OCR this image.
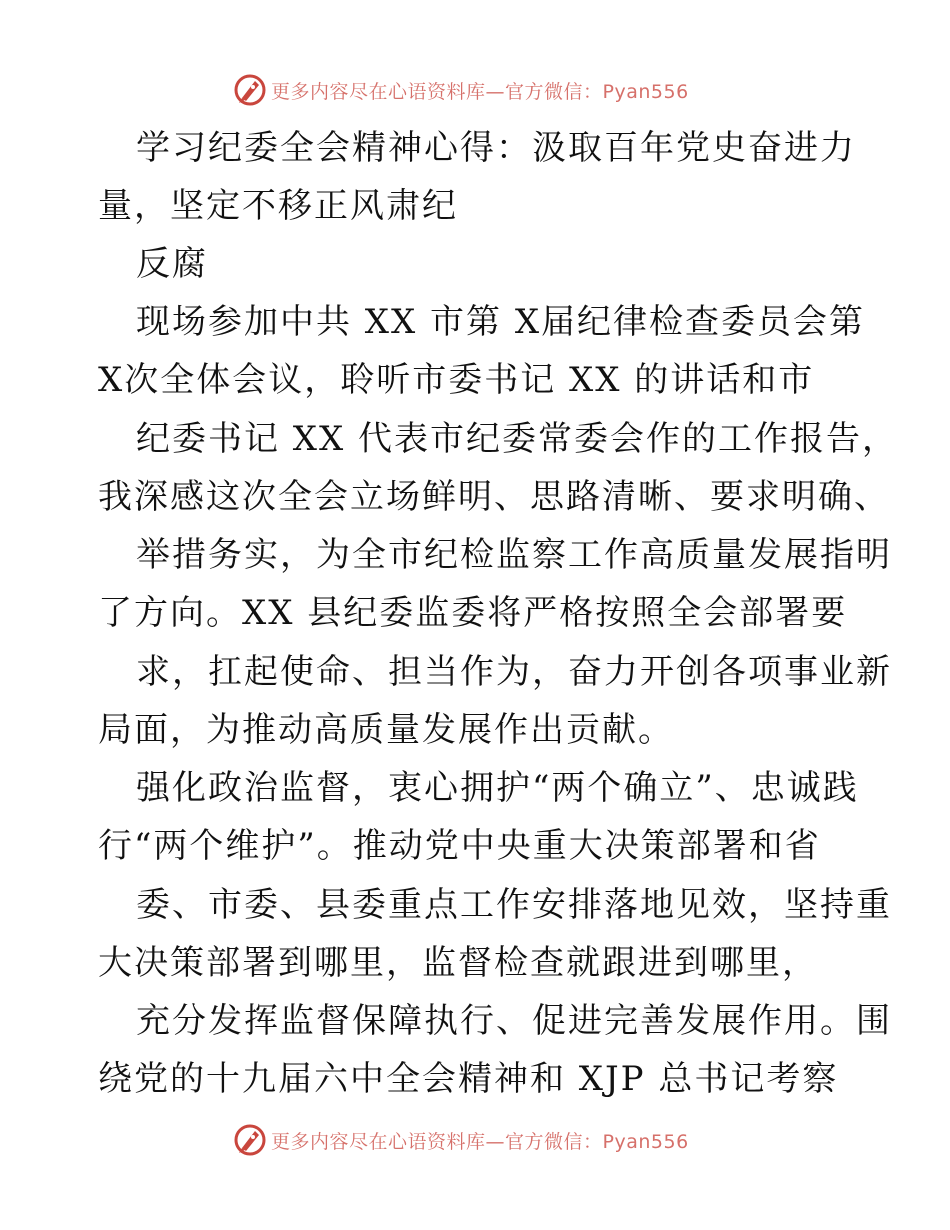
更多内容尽在心语资料库—官方微信：Pyan556
学习纪委全会精神心得：汲取百年党史奋进力
量，坚定不移正风肃纪
反腐
现场参加中共 XX 市第 X届纪律检查委员会第
X次全体会议，聆听市委书记 XX 的讲话和市
纪委书记 XX 代表市纪委常委会作的工作报告，
我深感这次全会立场鲜明、思路清晰、要求明确、
举措务实，为全市纪检监察工作高质量发展指明
了方向。XX 县纪委监委将严格按照全会部署要
求，扛起使命、担当作为，奋力开创各项事业新
局面，为推动高质量发展作出贡献。
强化政治监督，衷心拥护“两个确立”、忠诚践
行“两个维护”。推动党中央重大决策部署和省
委、市委、县委重点工作安排落地见效，坚持重
大决策部署到哪里，监督检查就跟进到哪里，
充分发挥监督保障执行、促进完善发展作用。围
绕党的十九届六中全会精神和 XJP 总书记考察
更多内容尽在心语资料库—官方微信：Pyan556
